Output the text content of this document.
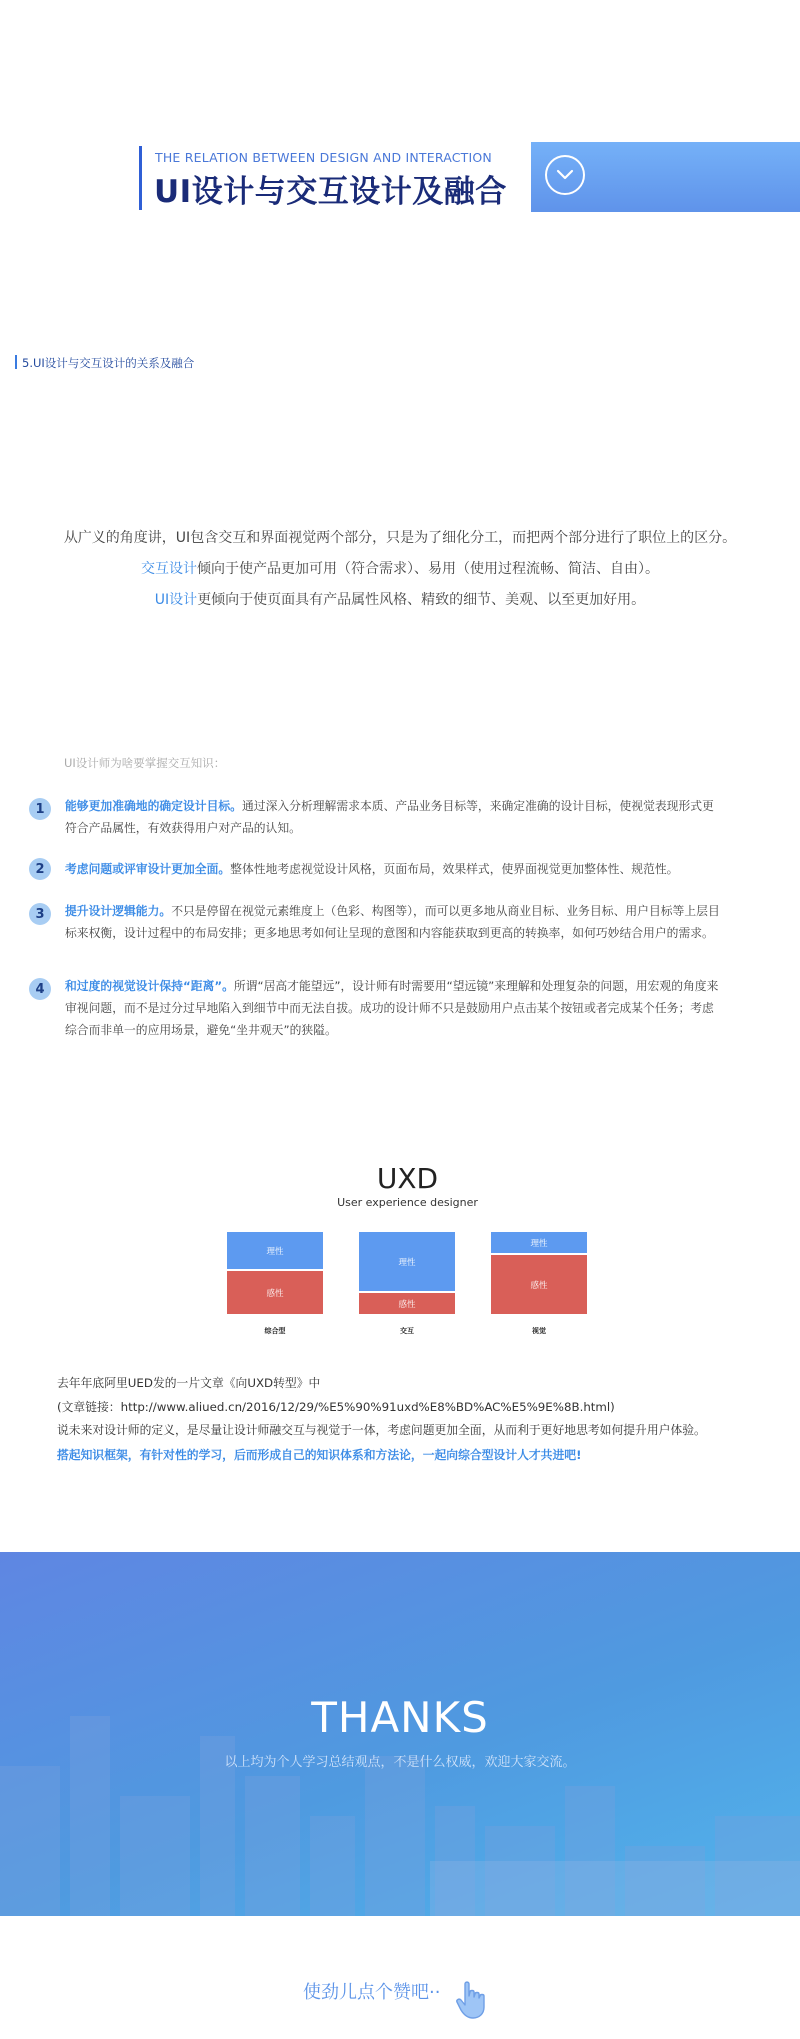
THE RELATION BETWEEN DESIGN AND INTERACTION
UI设计与交互设计及融合
5.UI设计与交互设计的关系及融合
从广义的角度讲，UI包含交互和界面视觉两个部分，只是为了细化分工，而把两个部分进行了职位上的区分。
交互设计倾向于使产品更加可用（符合需求）、易用（使用过程流畅、简洁、自由）。
UI设计更倾向于使页面具有产品属性风格、精致的细节、美观、以至更加好用。
UI设计师为啥要掌握交互知识：
1	能够更加准确地的确定设计目标。通过深入分析理解需求本质、产品业务目标等，来确定准确的设计目标，使视觉表现形式更符合产品属性，有效获得用户对产品的认知。
2	考虑问题或评审设计更加全面。整体性地考虑视觉设计风格，页面布局，效果样式，使界面视觉更加整体性、规范性。
3	提升设计逻辑能力。不只是停留在视觉元素维度上（色彩、构图等），而可以更多地从商业目标、业务目标、用户目标等上层目标来权衡，设计过程中的布局安排；更多地思考如何让呈现的意图和内容能获取到更高的转换率，如何巧妙结合用户的需求。
4	和过度的视觉设计保持“距离”。所谓“居高才能望远”，设计师有时需要用“望远镜”来理解和处理复杂的问题，用宏观的角度来审视问题，而不是过分过早地陷入到细节中而无法自拔。成功的设计师不只是鼓励用户点击某个按钮或者完成某个任务；考虑综合而非单一的应用场景，避免“坐井观天”的狭隘。
UXD
User experience designer
理性
感性
综合型
理性
感性
交互
理性
感性
视觉
去年年底阿里UED发的一片文章《向UXD转型》中
(文章链接：http://www.aliued.cn/2016/12/29/%E5%90%91uxd%E8%BD%AC%E5%9E%8B.html)
说未来对设计师的定义，是尽量让设计师融交互与视觉于一体，考虑问题更加全面，从而利于更好地思考如何提升用户体验。
搭起知识框架，有针对性的学习，后而形成自己的知识体系和方法论，一起向综合型设计人才共进吧!
THANKS
以上均为个人学习总结观点，不是什么权威，欢迎大家交流。
使劲儿点个赞吧··
